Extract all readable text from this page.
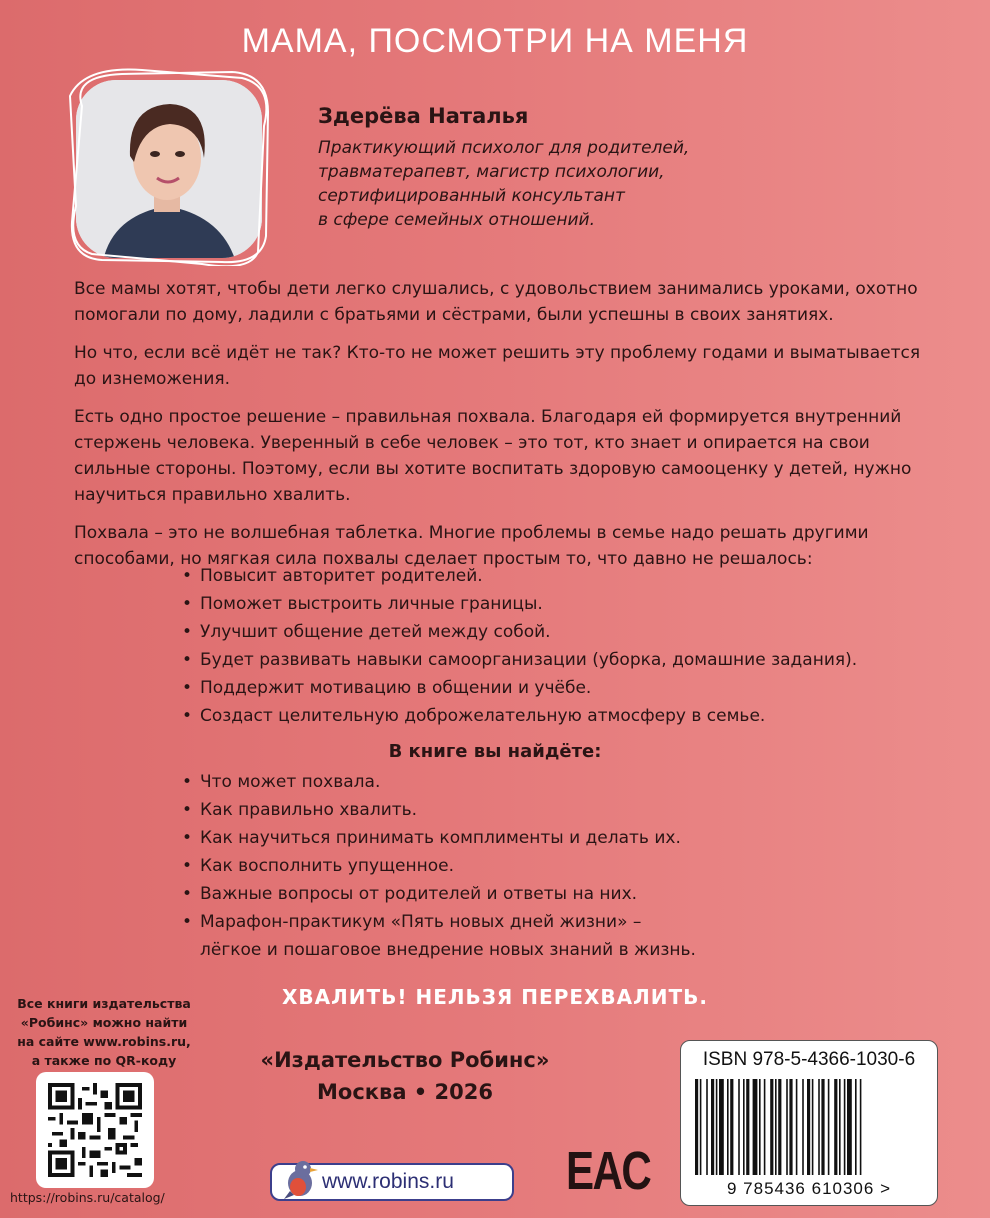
МАМА, ПОСМОТРИ НА МЕНЯ
Здерёва Наталья
Практикующий психолог для родителей,
травматерапевт, магистр психологии,
сертифицированный консультант
в сфере семейных отношений.

Все мамы хотят, чтобы дети легко слушались, с удовольствием занимались уроками, охотно помогали по дому, ладили с братьями и сёстрами, были успешны в своих занятиях.

Но что, если всё идёт не так? Кто-то не может решить эту проблему годами и выматывается до изнеможения.

Есть одно простое решение – правильная похвала. Благодаря ей формируется внутренний стержень человека. Уверенный в себе человек – это тот, кто знает и опирается на свои сильные стороны. Поэтому, если вы хотите воспитать здоровую самооценку у детей, нужно научиться правильно хвалить.

Похвала – это не волшебная таблетка. Многие проблемы в семье надо решать другими способами, но мягкая сила похвалы сделает простым то, что давно не решалось:

• Повысит авторитет родителей.
• Поможет выстроить личные границы.
• Улучшит общение детей между собой.
• Будет развивать навыки самоорганизации (уборка, домашние задания).
• Поддержит мотивацию в общении и учёбе.
• Создаст целительную доброжелательную атмосферу в семье.
В книге вы найдёте:
• Что может похвала.
• Как правильно хвалить.
• Как научиться принимать комплименты и делать их.
• Как восполнить упущенное.
• Важные вопросы от родителей и ответы на них.
• Марафон-практикум «Пять новых дней жизни» –
лёгкое и пошаговое внедрение новых знаний в жизнь.
ХВАЛИТЬ! НЕЛЬЗЯ ПЕРЕХВАЛИТЬ.
Все книги издательства
«Робинс» можно найти
на сайте www.robins.ru,
а также по QR-коду
https://robins.ru/catalog/
«Издательство Робинс»
Москва • 2026
www.robins.ru EAC
ISBN 978-5-4366-1030-6
9 785436 610306 >
